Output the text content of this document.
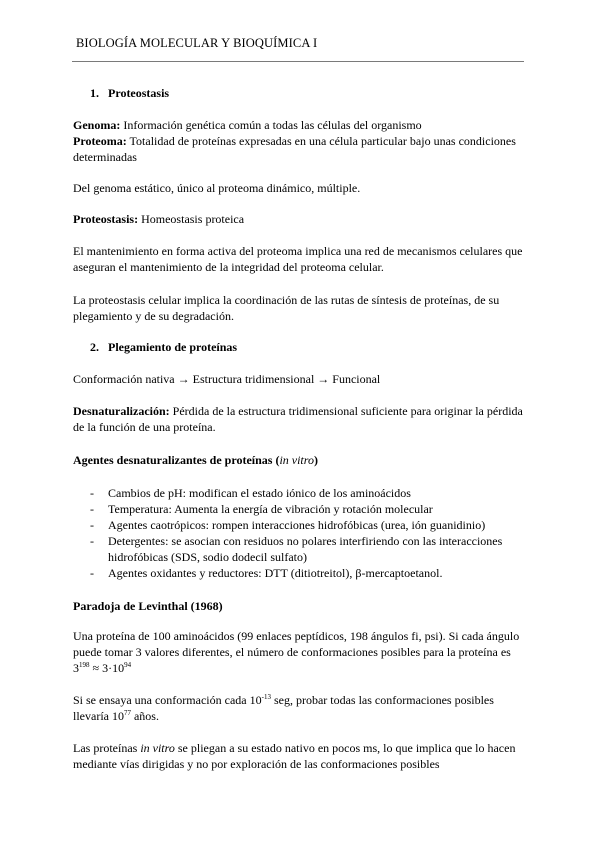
BIOLOGÍA MOLECULAR Y BIOQUÍMICA I
1. Proteostasis
Genoma: Información genética común a todas las células del organismo
Proteoma: Totalidad de proteínas expresadas en una célula particular bajo unas condiciones determinadas
Del genoma estático, único al proteoma dinámico, múltiple.
Proteostasis: Homeostasis proteica
El mantenimiento en forma activa del proteoma implica una red de mecanismos celulares que aseguran el mantenimiento de la integridad del proteoma celular.
La proteostasis celular implica la coordinación de las rutas de síntesis de proteínas, de su plegamiento y de su degradación.
2. Plegamiento de proteínas
Conformación nativa → Estructura tridimensional → Funcional
Desnaturalización: Pérdida de la estructura tridimensional suficiente para originar la pérdida de la función de una proteína.
Agentes desnaturalizantes de proteínas (in vitro)
- Cambios de pH: modifican el estado iónico de los aminoácidos
- Temperatura: Aumenta la energía de vibración y rotación molecular
- Agentes caotrópicos: rompen interacciones hidrofóbicas (urea, ión guanidinio)
- Detergentes: se asocian con residuos no polares interfiriendo con las interacciones hidrofóbicas (SDS, sodio dodecil sulfato)
- Agentes oxidantes y reductores: DTT (ditiotreitol), β-mercaptoetanol.
Paradoja de Levinthal (1968)
Una proteína de 100 aminoácidos (99 enlaces peptídicos, 198 ángulos fi, psi). Si cada ángulo puede tomar 3 valores diferentes, el número de conformaciones posibles para la proteína es $3^{198} \approx 3\cdot 10^{94}$
Si se ensaya una conformación cada $10^{-13}$ seg, probar todas las conformaciones posibles llevaría $10^{77}$ años.
Las proteínas in vitro se pliegan a su estado nativo en pocos ms, lo que implica que lo hacen mediante vías dirigidas y no por exploración de las conformaciones posibles
